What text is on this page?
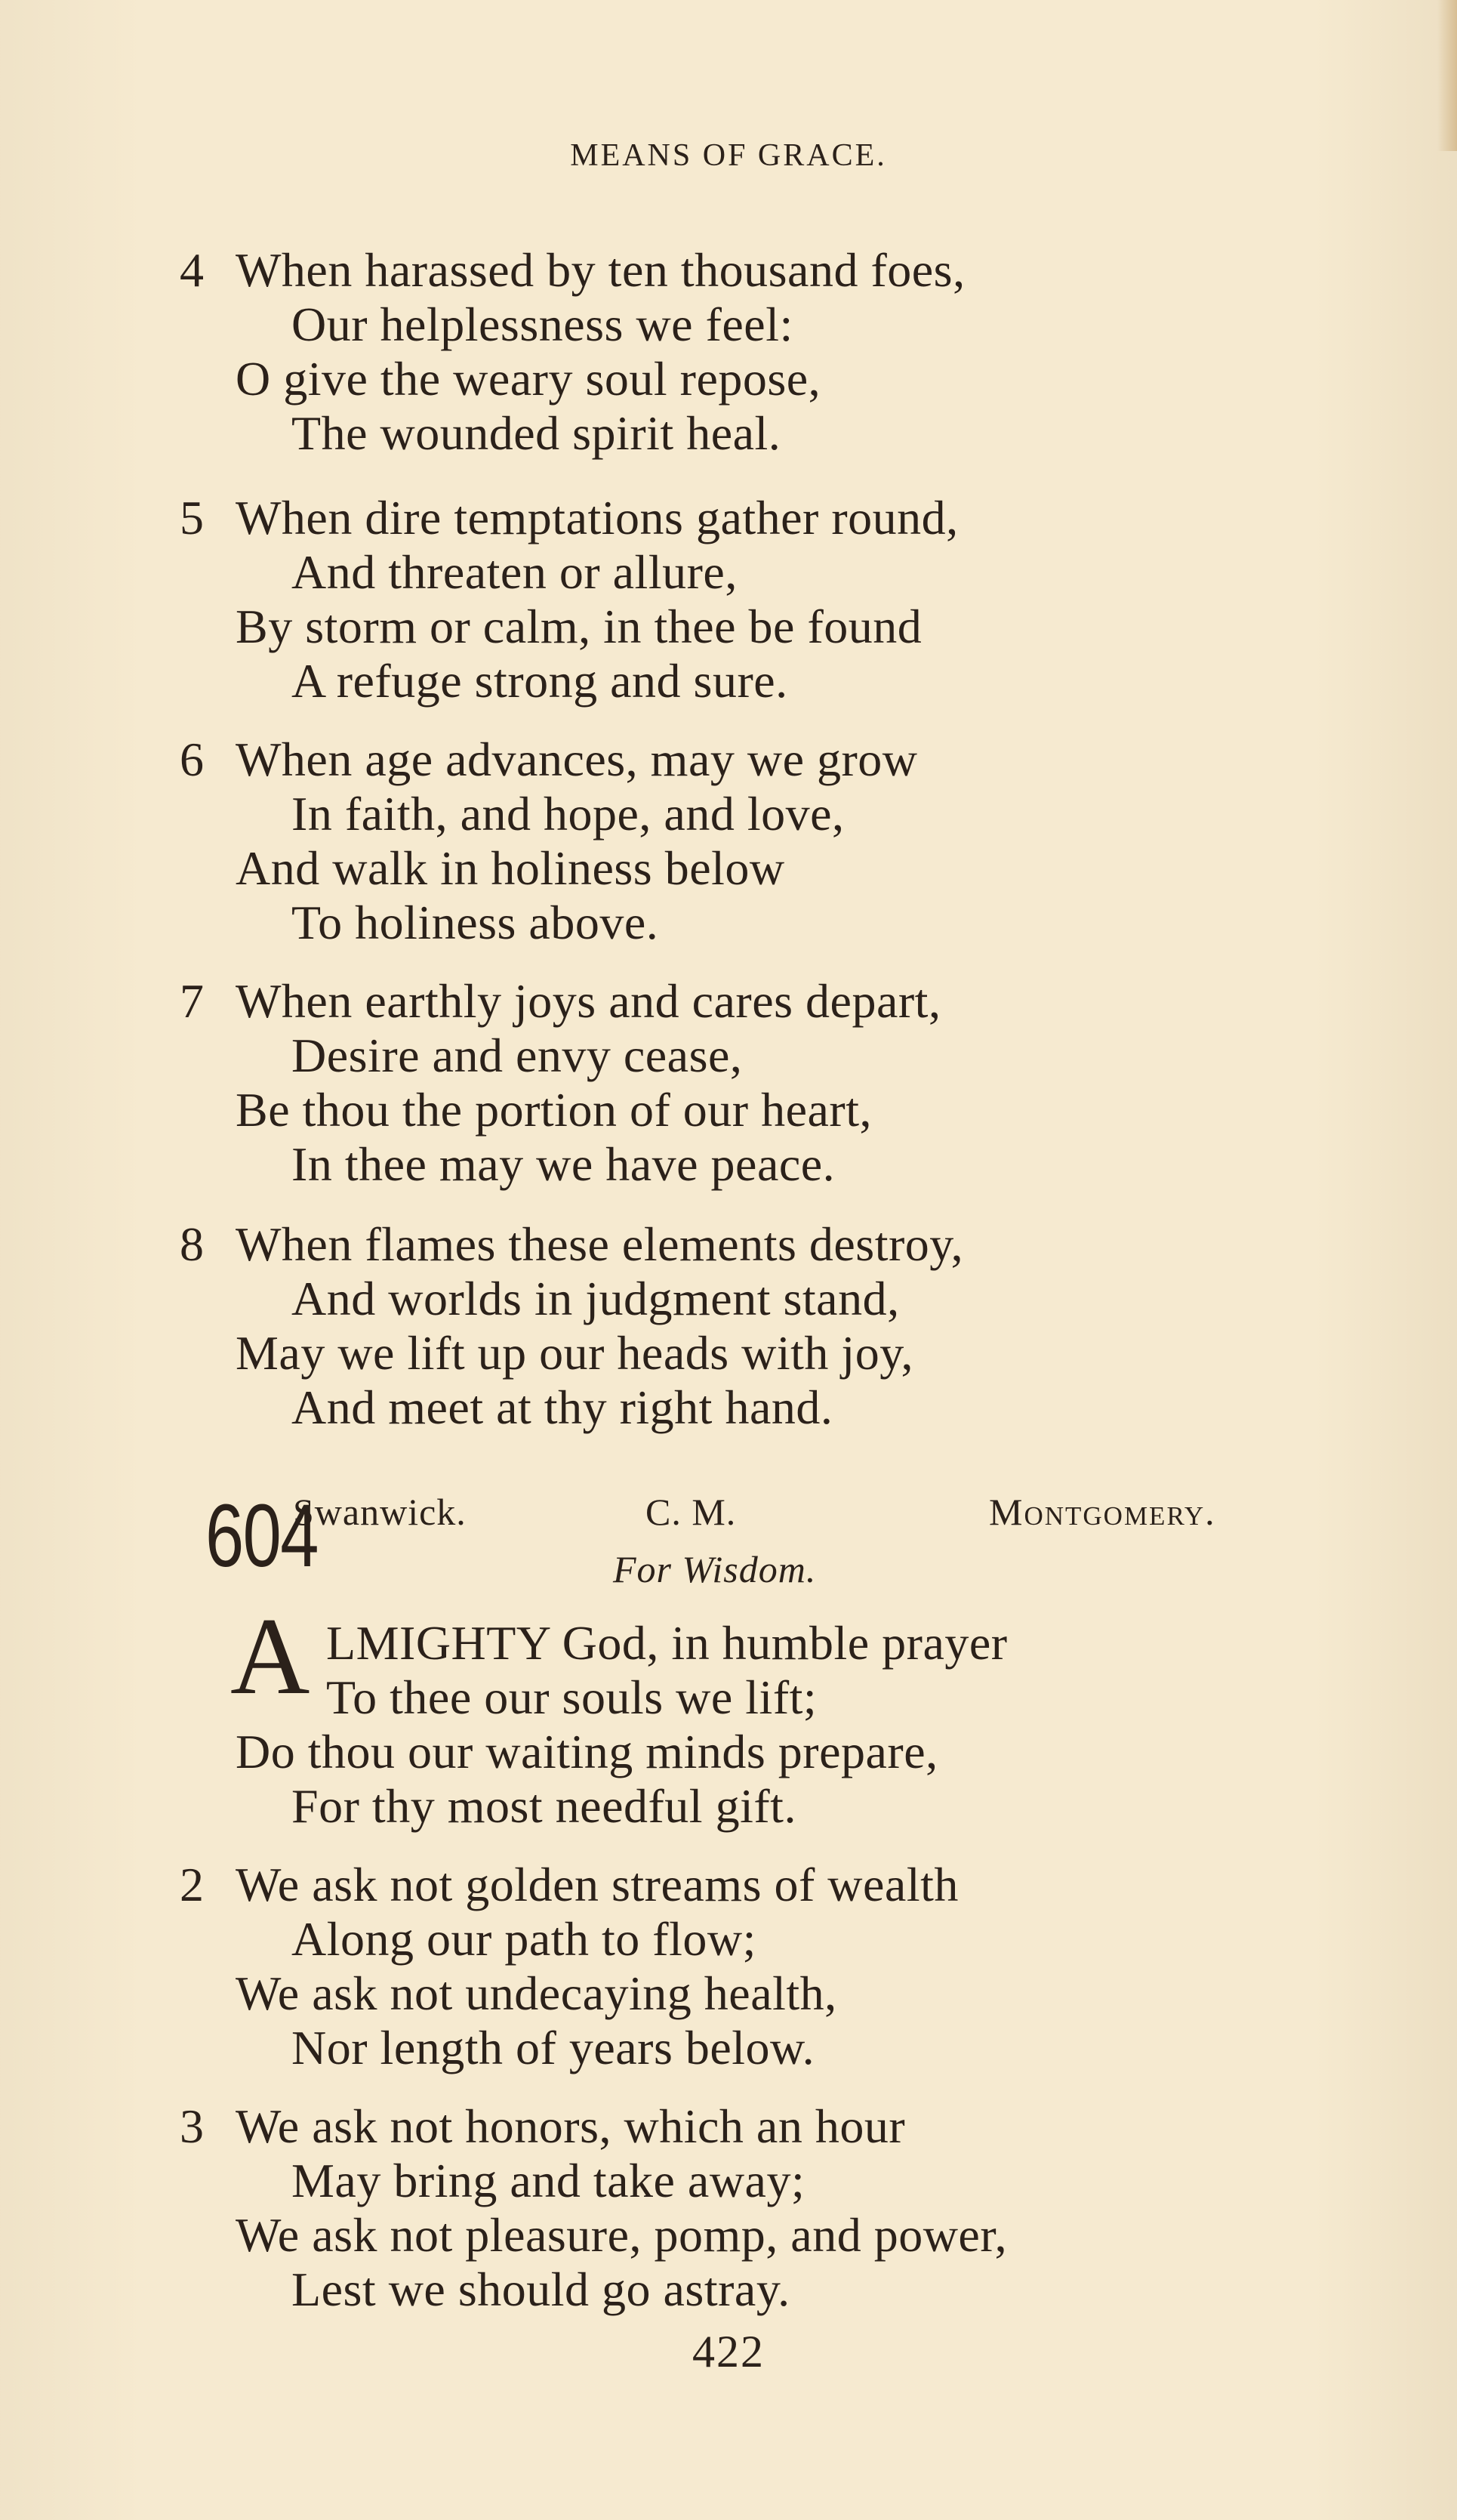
MEANS OF GRACE.
4 When harassed by ten thousand foes,
Our helplessness we feel:
O give the weary soul repose,
The wounded spirit heal.
5 When dire temptations gather round,
And threaten or allure,
By storm or calm, in thee be found
A refuge strong and sure.
6 When age advances, may we grow
In faith, and hope, and love,
And walk in holiness below
To holiness above.
7 When earthly joys and cares depart,
Desire and envy cease,
Be thou the portion of our heart,
In thee may we have peace.
8 When flames these elements destroy,
And worlds in judgment stand,
May we lift up our heads with joy,
And meet at thy right hand.
604
Swanwick.	C. M.	Montgomery.
For Wisdom.
A LMIGHTY God, in humble prayer
To thee our souls we lift;
Do thou our waiting minds prepare,
For thy most needful gift.
2 We ask not golden streams of wealth
Along our path to flow;
We ask not undecaying health,
Nor length of years below.
3 We ask not honors, which an hour
May bring and take away;
We ask not pleasure, pomp, and power,
Lest we should go astray.
422
